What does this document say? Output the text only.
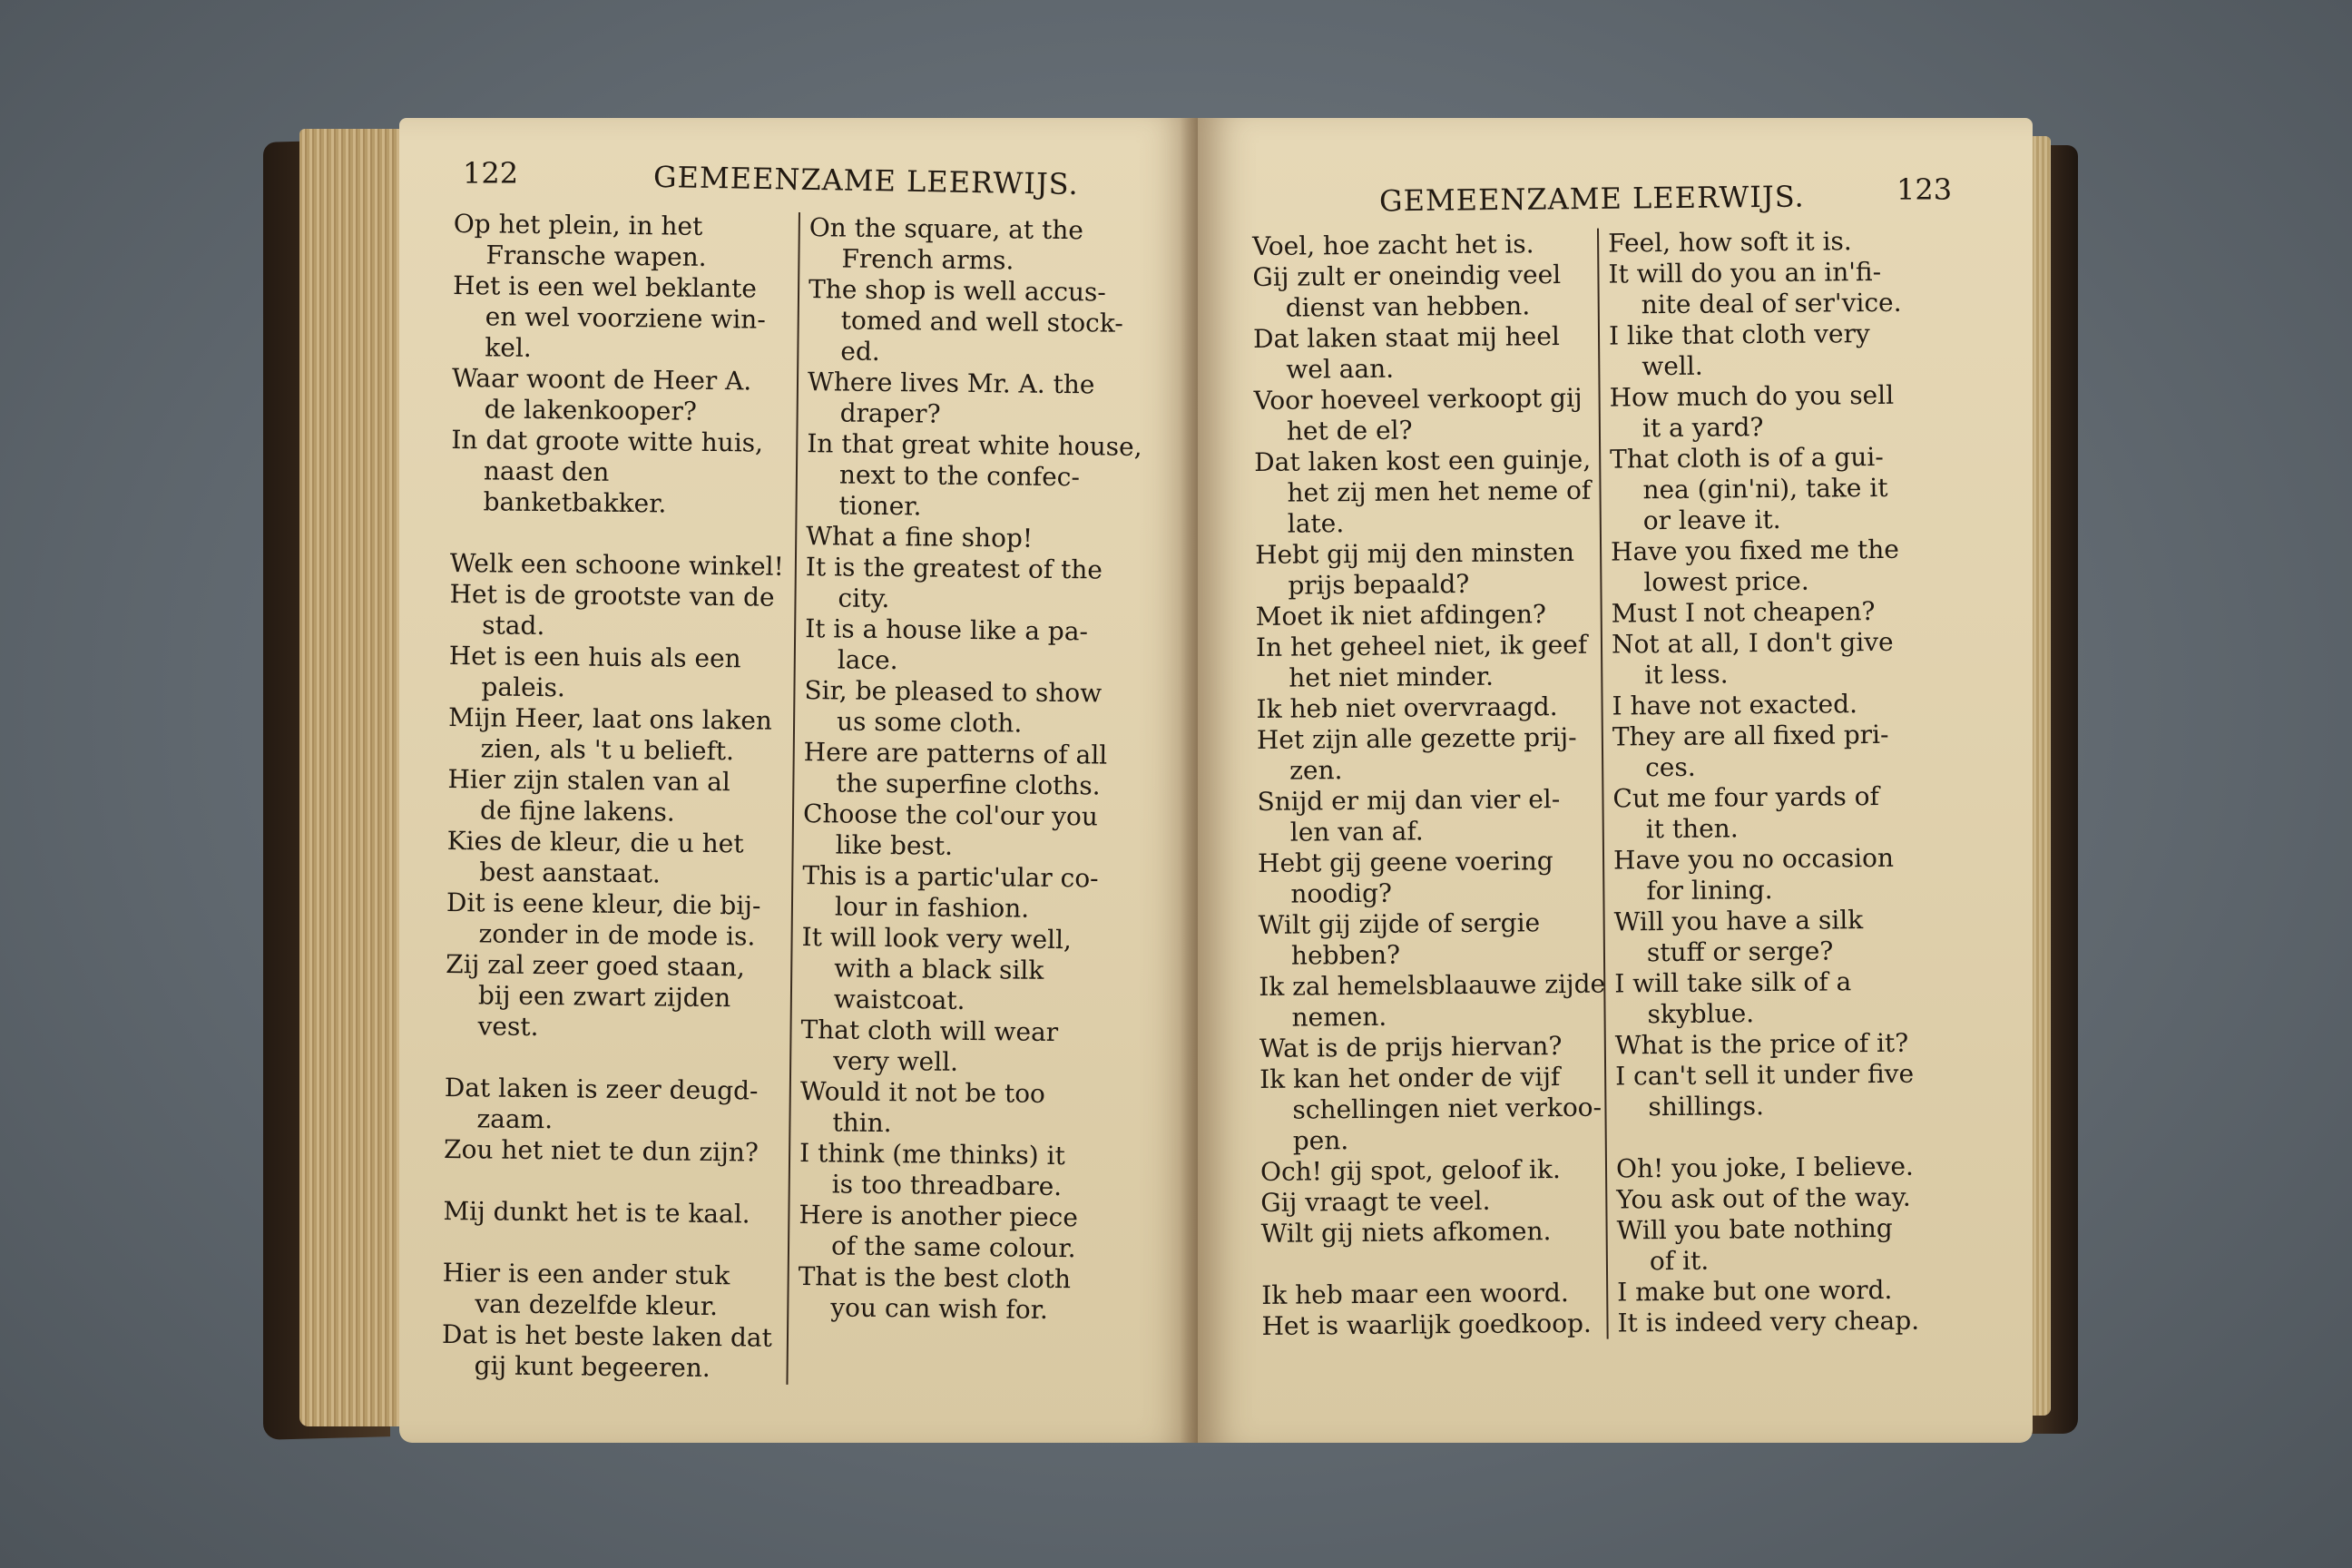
122	GEMEENZAME LEERWIJS.
Op het plein, in het
Fransche wapen.
Het is een wel beklante
en wel voorziene win-
kel.
Waar woont de Heer A.
de lakenkooper?
In dat groote witte huis,
naast den banketbakker.
Welk een schoone winkel!
Het is de grootste van de
stad.
Het is een huis als een
paleis.
Mijn Heer, laat ons laken
zien, als 't u belieft.
Hier zijn stalen van al
de fijne lakens.
Kies de kleur, die u het
best aanstaat.
Dit is eene kleur, die bij-
zonder in de mode is.
Zij zal zeer goed staan,
bij een zwart zijden vest.
Dat laken is zeer deugd-
zaam.
Zou het niet te dun zijn?
Mij dunkt het is te kaal.
Hier is een ander stuk
van dezelfde kleur.
Dat is het beste laken dat
gij kunt begeeren.
On the square, at the
French arms.
The shop is well accus-
tomed and well stock-
ed.
Where lives Mr. A. the
draper?
In that great white house,
next to the confec-
tioner.
What a fine shop!
It is the greatest of the
city.
It is a house like a pa-
lace.
Sir, be pleased to show
us some cloth.
Here are patterns of all
the superfine cloths.
Choose the col'our you
like best.
This is a partic'ular co-
lour in fashion.
It will look very well,
with a black silk
waistcoat.
That cloth will wear
very well.
Would it not be too
thin.
I think (me thinks) it
is too threadbare.
Here is another piece
of the same colour.
That is the best cloth
you can wish for.
GEMEENZAME LEERWIJS.	123
Voel, hoe zacht het is.
Gij zult er oneindig veel
dienst van hebben.
Dat laken staat mij heel
wel aan.
Voor hoeveel verkoopt gij
het de el?
Dat laken kost een guinje,
het zij men het neme of
late.
Hebt gij mij den minsten
prijs bepaald?
Moet ik niet afdingen?
In het geheel niet, ik geef
het niet minder.
Ik heb niet overvraagd.
Het zijn alle gezette prij-
zen.
Snijd er mij dan vier el-
len van af.
Hebt gij geene voering
noodig?
Wilt gij zijde of sergie
hebben?
Ik zal hemelsblaauwe zijde
nemen.
Wat is de prijs hiervan?
Ik kan het onder de vijf
schellingen niet verkoo-
pen.
Och! gij spot, geloof ik.
Gij vraagt te veel.
Wilt gij niets afkomen.
Ik heb maar een woord.
Het is waarlijk goedkoop.
Feel, how soft it is.
It will do you an in'fi-
nite deal of ser'vice.
I like that cloth very
well.
How much do you sell
it a yard?
That cloth is of a gui-
nea (gin'ni), take it
or leave it.
Have you fixed me the
lowest price.
Must I not cheapen?
Not at all, I don't give
it less.
I have not exacted.
They are all fixed pri-
ces.
Cut me four yards of
it then.
Have you no occasion
for lining.
Will you have a silk
stuff or serge?
I will take silk of a
skyblue.
What is the price of it?
I can't sell it under five
shillings.
Oh! you joke, I believe.
You ask out of the way.
Will you bate nothing
of it.
I make but one word.
It is indeed very cheap.
